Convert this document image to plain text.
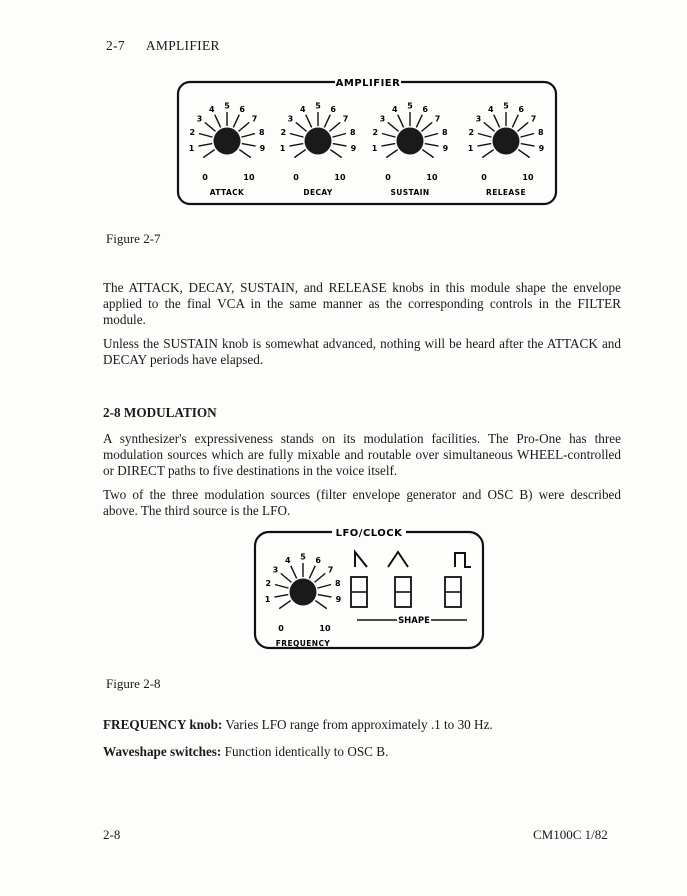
2-7 AMPLIFIER
AMPLIFIER
0
1
2
3
4 5 6
7
8
9
10
ATTACK
0
1
2
3
4 5 6
7
8
9
10
DECAY
0
1
2
3
4 5 6
7
8
9
10
SUSTAIN
0
1
2
3
4 5 6
7
8
9
10
RELEASE
Figure 2-7
The ATTACK, DECAY, SUSTAIN, and RELEASE knobs in this module shape the envelope applied to the final VCA in the same manner as the corresponding controls in the FILTER module.
Unless the SUSTAIN knob is somewhat advanced, nothing will be heard after the ATTACK and DECAY periods have elapsed.
2-8 MODULATION
A synthesizer's expressiveness stands on its modulation facilities. The Pro-One has three modulation sources which are fully mixable and routable over simultaneous WHEEL-controlled or DIRECT paths to five destinations in the voice itself.
Two of the three modulation sources (filter envelope generator and OSC B) were described above. The third source is the LFO.
LFO/CLOCK
0
1
2
3
4 5 6
7
8
9
10
FREQUENCY
SHAPE
Figure 2-8
FREQUENCY knob: Varies LFO range from approximately .1 to 30 Hz.
Waveshape switches: Function identically to OSC B.
2-8	CM100C 1/82
